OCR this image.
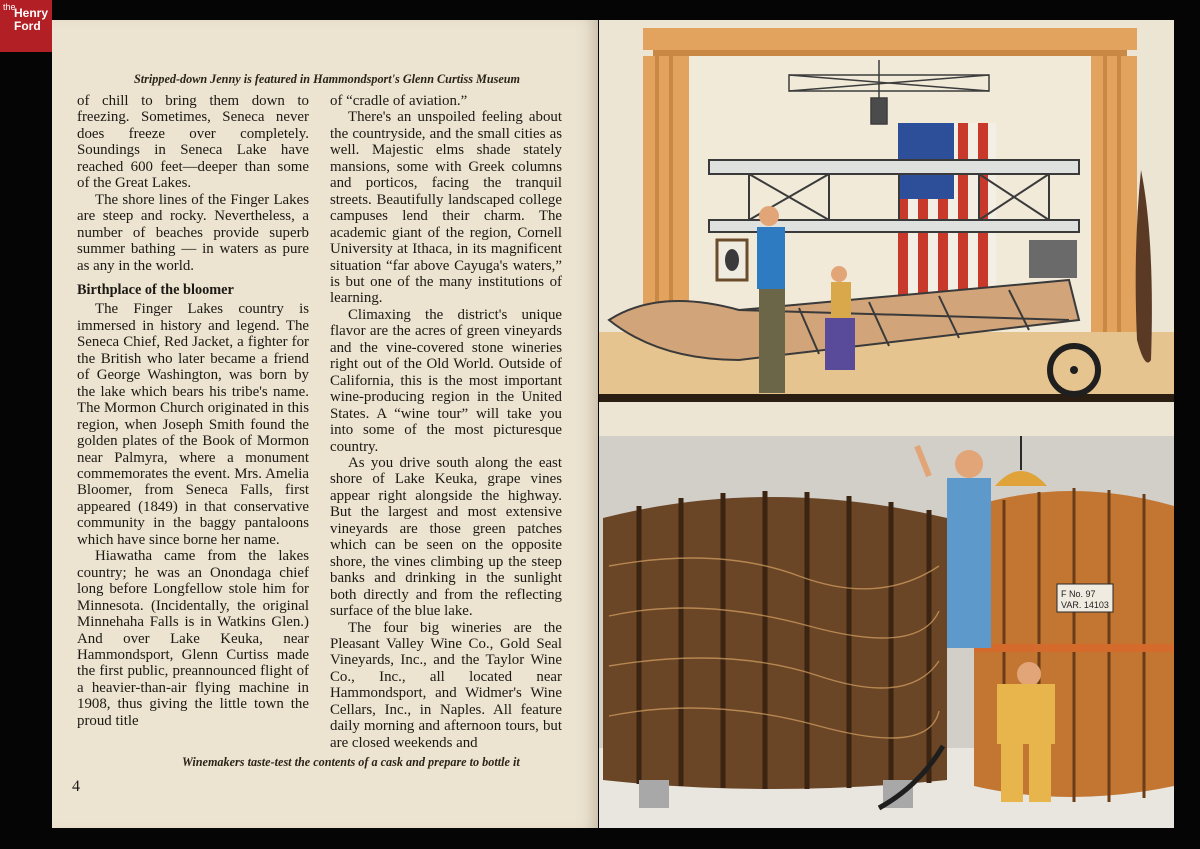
the
Henry
Ford
Stripped-down Jenny is featured in Hammondsport's Glenn Curtiss Museum

of chill to bring them down to freezing. Sometimes, Seneca never does freeze over completely. Soundings in Seneca Lake have reached 600 feet—deeper than some of the Great Lakes.

The shore lines of the Finger Lakes are steep and rocky. Nevertheless, a number of beaches provide superb summer bathing — in waters as pure as any in the world.

Birthplace of the bloomer

The Finger Lakes country is immersed in history and legend. The Seneca Chief, Red Jacket, a fighter for the British who later became a friend of George Washington, was born by the lake which bears his tribe's name. The Mormon Church originated in this region, when Joseph Smith found the golden plates of the Book of Mormon near Palmyra, where a monument commemorates the event. Mrs. Amelia Bloomer, from Seneca Falls, first appeared (1849) in that conservative community in the baggy pantaloons which have since borne her name.

Hiawatha came from the lakes country; he was an Onondaga chief long before Longfellow stole him for Minnesota. (Incidentally, the original Minnehaha Falls is in Watkins Glen.) And over Lake Keuka, near Hammondsport, Glenn Curtiss made the first public, preannounced flight of a heavier-than-air flying machine in 1908, thus giving the little town the proud title

of “cradle of aviation.”

There's an unspoiled feeling about the countryside, and the small cities as well. Majestic elms shade stately mansions, some with Greek columns and porticos, facing the tranquil streets. Beautifully landscaped college campuses lend their charm. The academic giant of the region, Cornell University at Ithaca, in its magnificent situation “far above Cayuga's waters,” is but one of the many institutions of learning.

Climaxing the district's unique flavor are the acres of green vineyards and the vine-covered stone wineries right out of the Old World. Outside of California, this is the most important wine-producing region in the United States. A “wine tour” will take you into some of the most picturesque country.

As you drive south along the east shore of Lake Keuka, grape vines appear right alongside the highway. But the largest and most extensive vineyards are those green patches which can be seen on the opposite shore, the vines climbing up the steep banks and drinking in the sunlight both directly and from the reflecting surface of the blue lake.

The four big wineries are the Pleasant Valley Wine Co., Gold Seal Vineyards, Inc., and the Taylor Wine Co., Inc., all located near Hammondsport, and Widmer's Wine Cellars, Inc., in Naples. All feature daily morning and afternoon tours, but are closed weekends and

Winemakers taste-test the contents of a cask and prepare to bottle it
4
F No. 97
VAR. 14103
